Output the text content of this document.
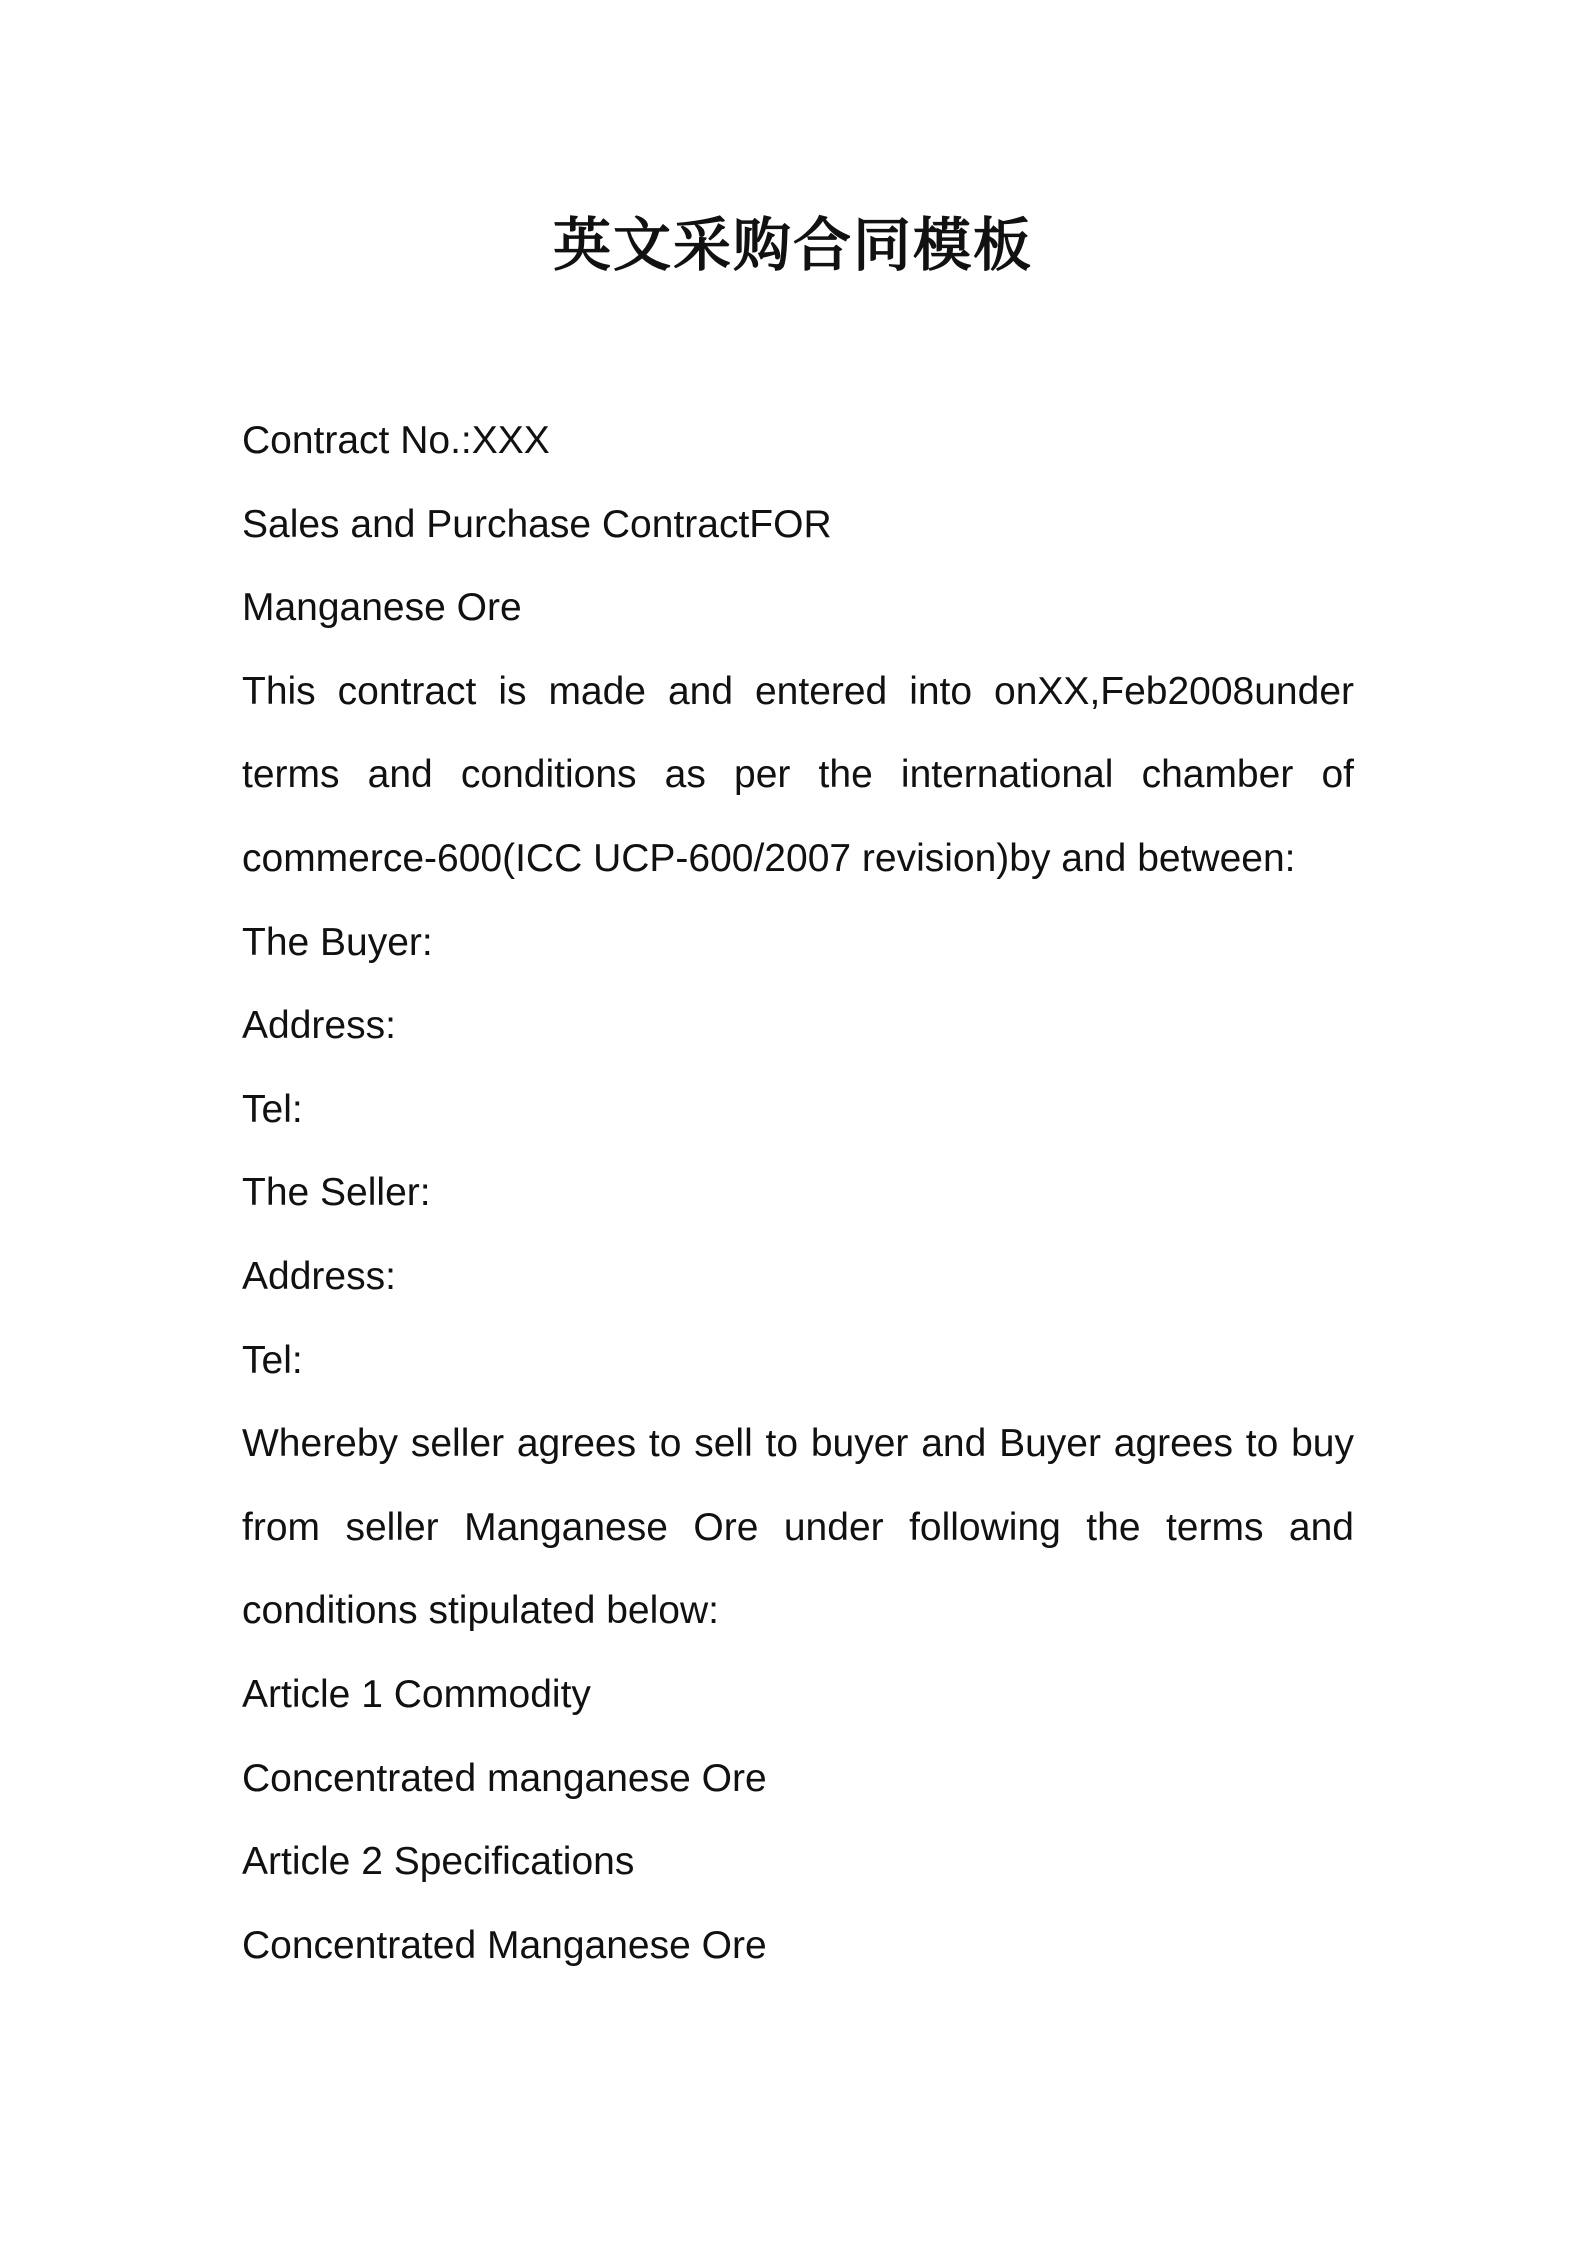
英文采购合同模板

Contract No.:XXX

Sales and Purchase ContractFOR

Manganese Ore

This contract is made and entered into onXX,Feb2008under terms and conditions as per the international chamber of commerce-600(ICC UCP-600/2007 revision)by and between:

The Buyer:

Address:

Tel:

The Seller:

Address:

Tel:

Whereby seller agrees to sell to buyer and Buyer agrees to buy from seller Manganese Ore under following the terms and conditions stipulated below:

Article 1 Commodity

Concentrated manganese Ore

Article 2 Specifications

Concentrated Manganese Ore
